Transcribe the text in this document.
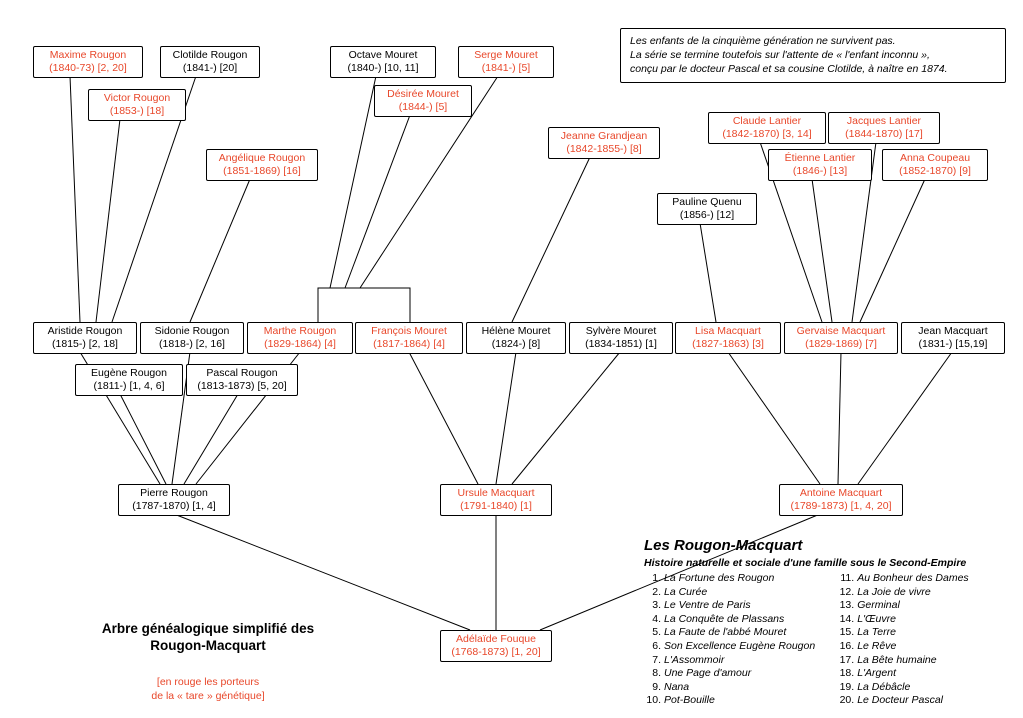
Les enfants de la cinquième génération ne survivent pas.
La série se termine toutefois sur l'attente de « l'enfant inconnu »,
conçu par le docteur Pascal et sa cousine Clotilde, à naître en 1874.
Maxime Rougon
(1840-73) [2, 20]
Clotilde Rougon
(1841-) [20]
Octave Mouret
(1840-) [10, 11]
Serge Mouret
(1841-) [5]
Victor Rougon
(1853-) [18]
Désirée Mouret
(1844-) [5]
Claude Lantier
(1842-1870) [3, 14]
Jacques Lantier
(1844-1870) [17]
Jeanne Grandjean
(1842-1855-) [8]
Angélique Rougon
(1851-1869) [16]
Étienne Lantier
(1846-) [13]
Anna Coupeau
(1852-1870) [9]
Pauline Quenu
(1856-) [12]
Aristide Rougon
(1815-) [2, 18]
Sidonie Rougon
(1818-) [2, 16]
Marthe Rougon
(1829-1864) [4]
François Mouret
(1817-1864) [4]
Hélène Mouret
(1824-) [8]
Sylvère Mouret
(1834-1851) [1]
Lisa Macquart
(1827-1863) [3]
Gervaise Macquart
(1829-1869) [7]
Jean Macquart
(1831-) [15,19]
Eugène Rougon
(1811-) [1, 4, 6]
Pascal Rougon
(1813-1873) [5, 20]
Pierre Rougon
(1787-1870) [1, 4]
Ursule Macquart
(1791-1840) [1]
Antoine Macquart
(1789-1873) [1, 4, 20]
Adélaïde Fouque
(1768-1873) [1, 20]
Arbre généalogique simplifié des
Rougon-Macquart
[en rouge les porteurs
de la « tare » génétique]
Les Rougon-Macquart
Histoire naturelle et sociale d'une famille sous le Second-Empire
1. La Fortune des Rougon
2. La Curée
3. Le Ventre de Paris
4. La Conquête de Plassans
5. La Faute de l'abbé Mouret
6. Son Excellence Eugène Rougon
7. L'Assommoir
8. Une Page d'amour
9. Nana
10. Pot-Bouille
11. Au Bonheur des Dames
12. La Joie de vivre
13. Germinal
14. L'Œuvre
15. La Terre
16. Le Rêve
17. La Bête humaine
18. L'Argent
19. La Débâcle
20. Le Docteur Pascal
